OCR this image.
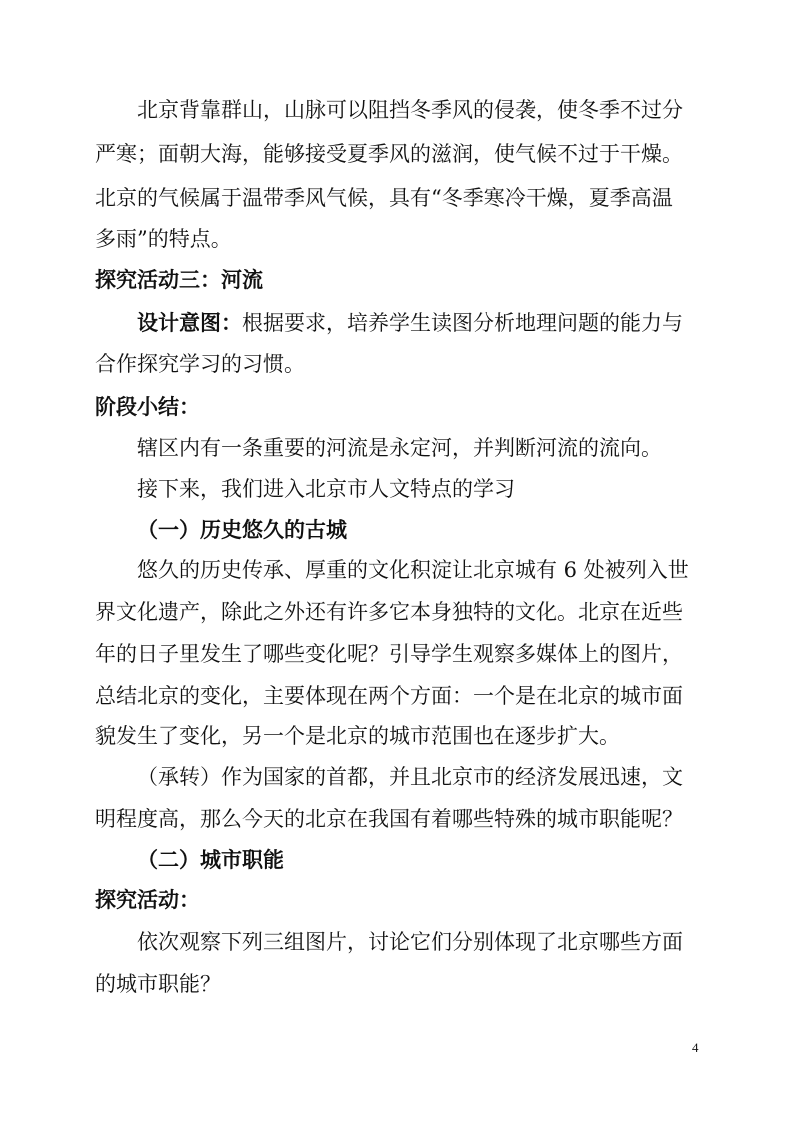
北京背靠群山，山脉可以阻挡冬季风的侵袭，使冬季不过分
严寒；面朝大海，能够接受夏季风的滋润，使气候不过于干燥。
北京的气候属于温带季风气候，具有“冬季寒冷干燥，夏季高温
多雨”的特点。
探究活动三：河流
设计意图：根据要求，培养学生读图分析地理问题的能力与
合作探究学习的习惯。
阶段小结：
辖区内有一条重要的河流是永定河，并判断河流的流向。
接下来，我们进入北京市人文特点的学习
（一）历史悠久的古城
悠久的历史传承、厚重的文化积淀让北京城有 6 处被列入世
界文化遗产，除此之外还有许多它本身独特的文化。北京在近些
年的日子里发生了哪些变化呢？引导学生观察多媒体上的图片，
总结北京的变化，主要体现在两个方面：一个是在北京的城市面
貌发生了变化，另一个是北京的城市范围也在逐步扩大。
（承转）作为国家的首都，并且北京市的经济发展迅速，文
明程度高，那么今天的北京在我国有着哪些特殊的城市职能呢？
（二）城市职能
探究活动：
依次观察下列三组图片，讨论它们分别体现了北京哪些方面
的城市职能？
4
